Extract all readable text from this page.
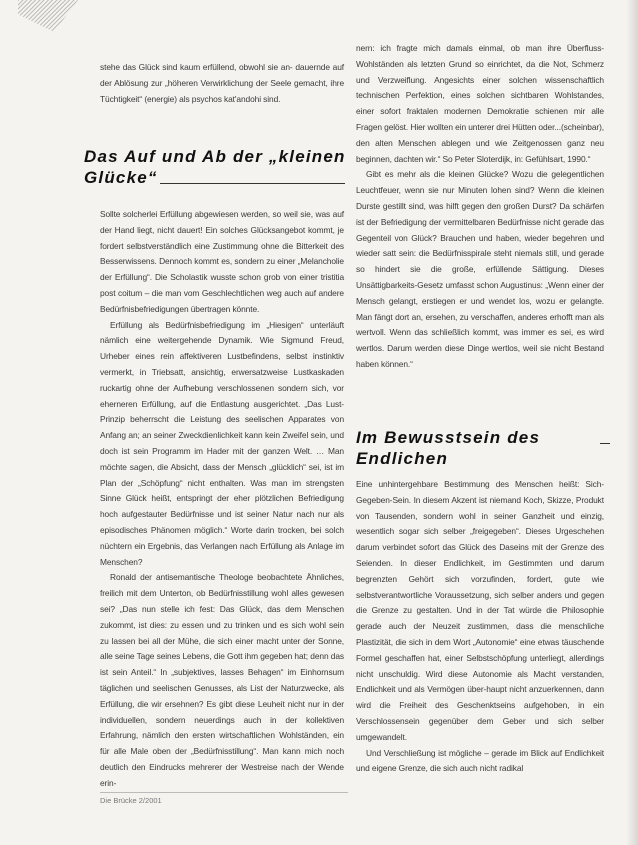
stehe das Glück sind kaum erfüllend, obwohl sie an- dauernde auf der Ablösung zur „höheren Verwirklichung der Seele gemacht, ihre Tüchtigkeit“ (energie) als psychos kat'andohi sind.

Das Auf und Ab der „kleinen
Glücke“

Sollte solcherlei Erfüllung abgewiesen werden, so weil sie, was auf der Hand liegt, nicht dauert! Ein solches Glücksangebot kommt, je fordert selbstverständlich eine Zustimmung ohne die Bitterkeit des Besserwissens. Dennoch kommt es, sondern zu einer „Melancholie der Erfüllung“. Die Scholastik wusste schon grob von einer tristitia post coitum – die man vom Geschlechtlichen weg auch auf andere Bedürfnisbefriedigungen übertragen könnte.

Erfüllung als Bedürfnisbefriedigung im „Hiesigen“ unterläuft nämlich eine weitergehende Dynamik. Wie Sigmund Freud, Urheber eines rein affektiveren Lustbefindens, selbst instinktiv vermerkt, in Triebsatt, ansichtig, erwersatzweise Lustkaskaden ruckartig ohne der Aufhebung verschlossenen sondern sich, vor eherneren Erfüllung, auf die Entlastung ausgerichtet. „Das Lust-Prinzip beherrscht die Leistung des seelischen Apparates von Anfang an; an seiner Zweckdienlichkeit kann kein Zweifel sein, und doch ist sein Programm im Hader mit der ganzen Welt. … Man möchte sagen, die Absicht, dass der Mensch „glücklich“ sei, ist im Plan der „Schöpfung“ nicht enthalten. Was man im strengsten Sinne Glück heißt, entspringt der eher plötzlichen Befriedigung hoch aufgestauter Bedürfnisse und ist seiner Natur nach nur als episodisches Phänomen möglich.“ Worte darin trocken, bei solch nüchtern ein Ergebnis, das Verlangen nach Erfüllung als Anlage im Menschen?

Ronald der antisemantische Theologe beobachtete Ähnliches, freilich mit dem Unterton, ob Bedürfnisstillung wohl alles gewesen sei? „Das nun stelle ich fest: Das Glück, das dem Menschen zukommt, ist dies: zu essen und zu trinken und es sich wohl sein zu lassen bei all der Mühe, die sich einer macht unter der Sonne, alle seine Tage seines Lebens, die Gott ihm gegeben hat; denn das ist sein Anteil.“ In „subjektives, lasses Behagen“ im Einhornsum täglichen und seelischen Genusses, als List der Naturzwecke, als Erfüllung, die wir ersehnen? Es gibt diese Leuheit nicht nur in der individuellen, sondern neuerdings auch in der kollektiven Erfahrung, nämlich den ersten wirtschaftlichen Wohlständen, ein für alle Male oben der „Bedürfnisstillung“. Man kann mich noch deutlich den Eindrucks mehrerer der Westreise nach der Wende erin-

nern: ich fragte mich damals einmal, ob man ihre Überfluss-Wohlständen als letzten Grund so einrichtet, da die Not, Schmerz und Verzweiflung. Angesichts einer solchen wissenschaftlich technischen Perfektion, eines solchen sichtbaren Wohlstandes, einer sofort fraktalen modernen Demokratie schienen mir alle Fragen gelöst. Hier wollten ein unterer drei Hütten oder...(scheinbar), den alten Menschen ablegen und wie Zeitgenossen ganz neu beginnen, dachten wir.“ So Peter Sloterdijk, in: Gefühlsart, 1990.“

Gibt es mehr als die kleinen Glücke? Wozu die gelegentlichen Leuchtfeuer, wenn sie nur Minuten lohen sind? Wenn die kleinen Durste gestillt sind, was hilft gegen den großen Durst? Da schärfen ist der Befriedigung der vermittelbaren Bedürfnisse nicht gerade das Gegenteil von Glück? Brauchen und haben, wieder begehren und wieder satt sein: die Bedürfnisspirale steht niemals still, und gerade so hindert sie die große, erfüllende Sättigung. Dieses Unsättigbarkeits-Gesetz umfasst schon Augustinus: „Wenn einer der Mensch gelangt, erstiegen er und wendet los, wozu er gelangte. Man fängt dort an, ersehen, zu verschaffen, anderes erhofft man als wertvoll. Wenn das schließlich kommt, was immer es sei, es wird wertlos. Darum werden diese Dinge wertlos, weil sie nicht Bestand haben können.“

Im Bewusstsein des Endlichen

Eine unhintergehbare Bestimmung des Menschen heißt: Sich-Gegeben-Sein. In diesem Akzent ist niemand Koch, Skizze, Produkt von Tausenden, sondern wohl in seiner Ganzheit und einzig, wesentlich sogar sich selber „freigegeben“. Dieses Urgeschehen darum verbindet sofort das Glück des Daseins mit der Grenze des Seienden. In dieser Endlichkeit, im Gestimmten und darum begrenzten Gehört sich vorzufinden, fordert, gute wie selbstverantwortliche Voraussetzung, sich selber anders und gegen die Grenze zu gestalten. Und in der Tat würde die Philosophie gerade auch der Neuzeit zustimmen, dass die menschliche Plastizität, die sich in dem Wort „Autonomie“ eine etwas täuschende Formel geschaffen hat, einer Selbstschöpfung unterliegt, allerdings nicht unschuldig. Wird diese Autonomie als Macht verstanden, Endlichkeit und als Vermögen über-haupt nicht anzuerkennen, dann wird die Freiheit des Geschenktseins aufgehoben, in ein Verschlossensein gegenüber dem Geber und sich selber umgewandelt.

Und Verschließung ist mögliche – gerade im Blick auf Endlichkeit und eigene Grenze, die sich auch nicht radikal

Die Brücke 2/2001
